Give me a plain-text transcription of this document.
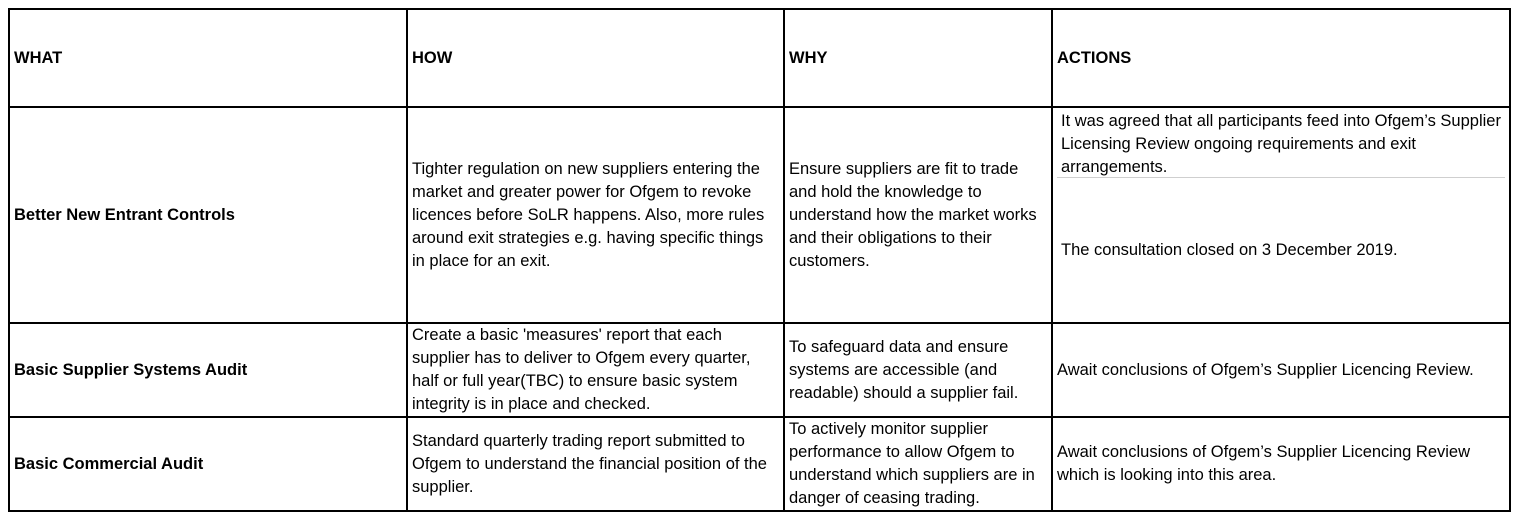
WHAT	HOW	WHY	ACTIONS
Better New Entrant Controls	Tighter regulation on new suppliers entering the market and greater power for Ofgem to revoke licences before SoLR happens. Also, more rules around exit strategies e.g. having specific things in place for an exit.	Ensure suppliers are fit to trade and hold the knowledge to understand how the market works and their obligations to their customers.	It was agreed that all participants feed into Ofgem’s Supplier Licensing Review ongoing requirements and exit arrangements.
The consultation closed on 3 December 2019.

Basic Supplier Systems Audit	Create a basic 'measures' report that each supplier has to deliver to Ofgem every quarter, half or full year(TBC) to ensure basic system integrity is in place and checked.	To safeguard data and ensure systems are accessible (and readable) should a supplier fail.	Await conclusions of Ofgem’s Supplier Licencing Review.
Basic Commercial Audit	Standard quarterly trading report submitted to Ofgem to understand the financial position of the supplier.	To actively monitor supplier performance to allow Ofgem to understand which suppliers are in danger of ceasing trading.	Await conclusions of Ofgem’s Supplier Licencing Review which is looking into this area.
